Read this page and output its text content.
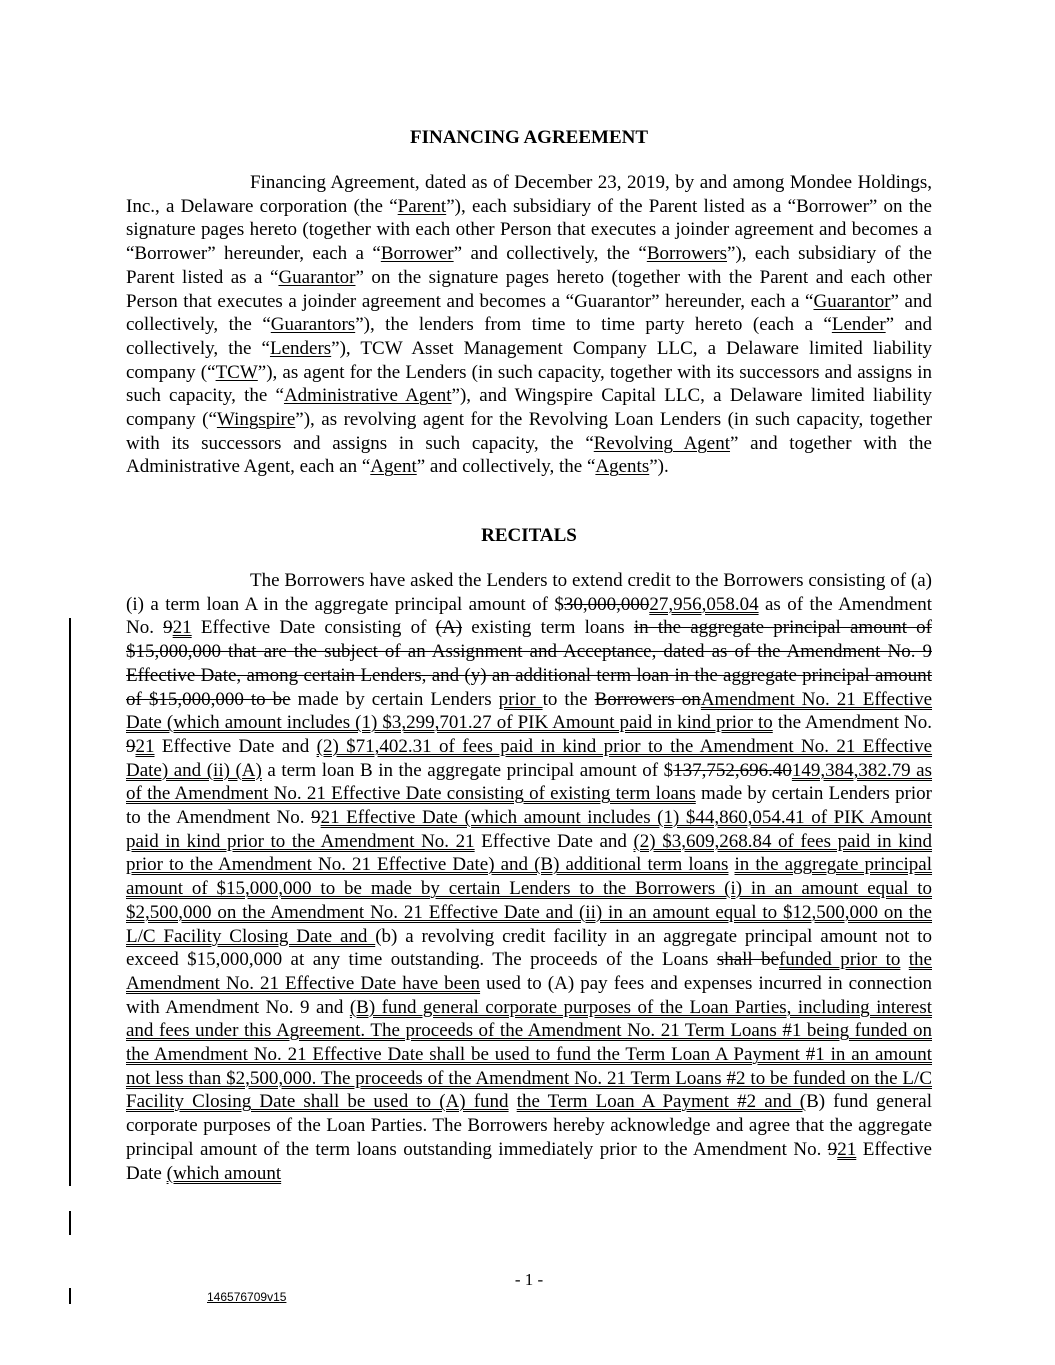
FINANCING AGREEMENT
Financing Agreement, dated as of December 23, 2019, by and among Mondee Holdings, Inc., a Delaware corporation (the “Parent”), each subsidiary of the Parent listed as a “Borrower” on the signature pages hereto (together with each other Person that executes a joinder agreement and becomes a “Borrower” hereunder, each a “Borrower” and collectively, the “Borrowers”), each subsidiary of the Parent listed as a “Guarantor” on the signature pages hereto (together with the Parent and each other Person that executes a joinder agreement and becomes a “Guarantor” hereunder, each a “Guarantor” and collectively, the “Guarantors”), the lenders from time to time party hereto (each a “Lender” and collectively, the “Lenders”), TCW Asset Management Company LLC, a Delaware limited liability company (“TCW”), as agent for the Lenders (in such capacity, together with its successors and assigns in such capacity, the “Administrative Agent”), and Wingspire Capital LLC, a Delaware limited liability company (“Wingspire”), as revolving agent for the Revolving Loan Lenders (in such capacity, together with its successors and assigns in such capacity, the “Revolving Agent” and together with the Administrative Agent, each an “Agent” and collectively, the “Agents”).
RECITALS
The Borrowers have asked the Lenders to extend credit to the Borrowers consisting of (a) (i) a term loan A in the aggregate principal amount of $30,000,00027,956,058.04 as of the Amendment No. 921 Effective Date consisting of (A) existing term loans in the aggregate principal amount of $15,000,000 that are the subject of an Assignment and Acceptance, dated as of the Amendment No. 9 Effective Date, among certain Lenders, and (y) an additional term loan in the aggregate principal amount of $15,000,000 to be made by certain Lenders prior to the Borrowers onAmendment No. 21 Effective Date (which amount includes (1) $3,299,701.27 of PIK Amount paid in kind prior to the Amendment No. 921 Effective Date and (2) $71,402.31 of fees paid in kind prior to the Amendment No. 21 Effective Date) and (ii) (A) a term loan B in the aggregate principal amount of $137,752,696.40149,384,382.79 as of the Amendment No. 21 Effective Date consisting of existing term loans made by certain Lenders prior to the Amendment No. 921 Effective Date (which amount includes (1) $44,860,054.41 of PIK Amount paid in kind prior to the Amendment No. 21 Effective Date and (2) $3,609,268.84 of fees paid in kind prior to the Amendment No. 21 Effective Date) and (B) additional term loans in the aggregate principal amount of $15,000,000 to be made by certain Lenders to the Borrowers (i) in an amount equal to $2,500,000 on the Amendment No. 21 Effective Date and (ii) in an amount equal to $12,500,000 on the L/C Facility Closing Date and (b) a revolving credit facility in an aggregate principal amount not to exceed $15,000,000 at any time outstanding. The proceeds of the Loans shall befunded prior to the Amendment No. 21 Effective Date have been used to (A) pay fees and expenses incurred in connection with Amendment No. 9 and (B) fund general corporate purposes of the Loan Parties, including interest and fees under this Agreement. The proceeds of the Amendment No. 21 Term Loans #1 being funded on the Amendment No. 21 Effective Date shall be used to fund the Term Loan A Payment #1 in an amount not less than $2,500,000. The proceeds of the Amendment No. 21 Term Loans #2 to be funded on the L/C Facility Closing Date shall be used to (A) fund the Term Loan A Payment #2 and (B) fund general corporate purposes of the Loan Parties. The Borrowers hereby acknowledge and agree that the aggregate principal amount of the term loans outstanding immediately prior to the Amendment No. 921 Effective Date (which amount
- 1 -
146576709v15
